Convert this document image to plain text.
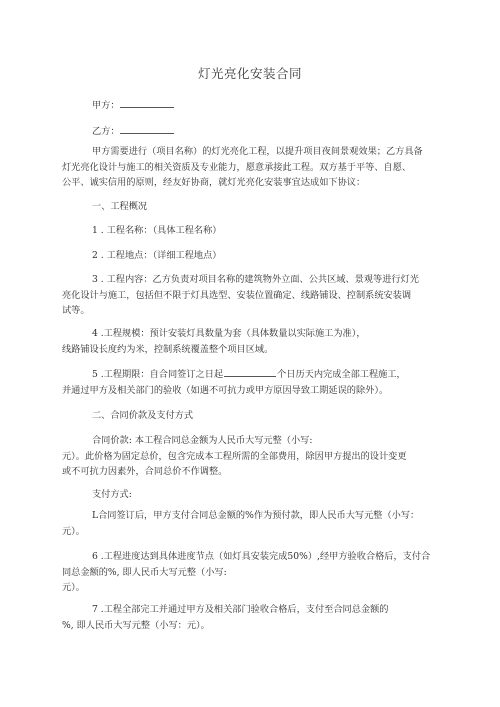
灯光亮化安装合同
甲方：
乙方：
甲方需要进行（项目名称）的灯光亮化工程，以提升项目夜间景观效果；乙方具备
灯光亮化设计与施工的相关资质及专业能力，愿意承接此工程。双方基于平等、自愿、
公平、诚实信用的原则，经友好协商，就灯光亮化安装事宜达成如下协议：
一、工程概况
1 . 工程名称：（具体工程名称）
2 . 工程地点：（详细工程地点）
3 . 工程内容：乙方负责对项目名称的建筑物外立面、公共区域、景观等进行灯光
亮化设计与施工，包括但不限于灯具选型、安装位置确定、线路铺设、控制系统安装调
试等。
4 .工程规模：预计安装灯具数量为套（具体数量以实际施工为准），
线路铺设长度约为米，控制系统覆盖整个项目区域。
5 .工程期限：自合同签订之日起	个日历天内完成全部工程施工，
并通过甲方及相关部门的验收（如遇不可抗力或甲方原因导致工期延误的除外）。
二、合同价款及支付方式
合同价款: 本工程合同总金额为人民币大写元整（小写:
元）。此价格为固定总价，包含完成本工程所需的全部费用，除因甲方提出的设计变更
或不可抗力因素外，合同总价不作调整。
支付方式:
L合同签订后，甲方支付合同总金额的%作为预付款，即人民币大写元整（小写：
元）。
6 .工程进度达到具体进度节点（如灯具安装完成50%）,经甲方验收合格后，支付合
同总金额的%, 即人民币大写元整（小写:
元）。
7 .工程全部完工并通过甲方及相关部门验收合格后，支付至合同总金额的
%, 即人民币大写元整（小写：元）。
